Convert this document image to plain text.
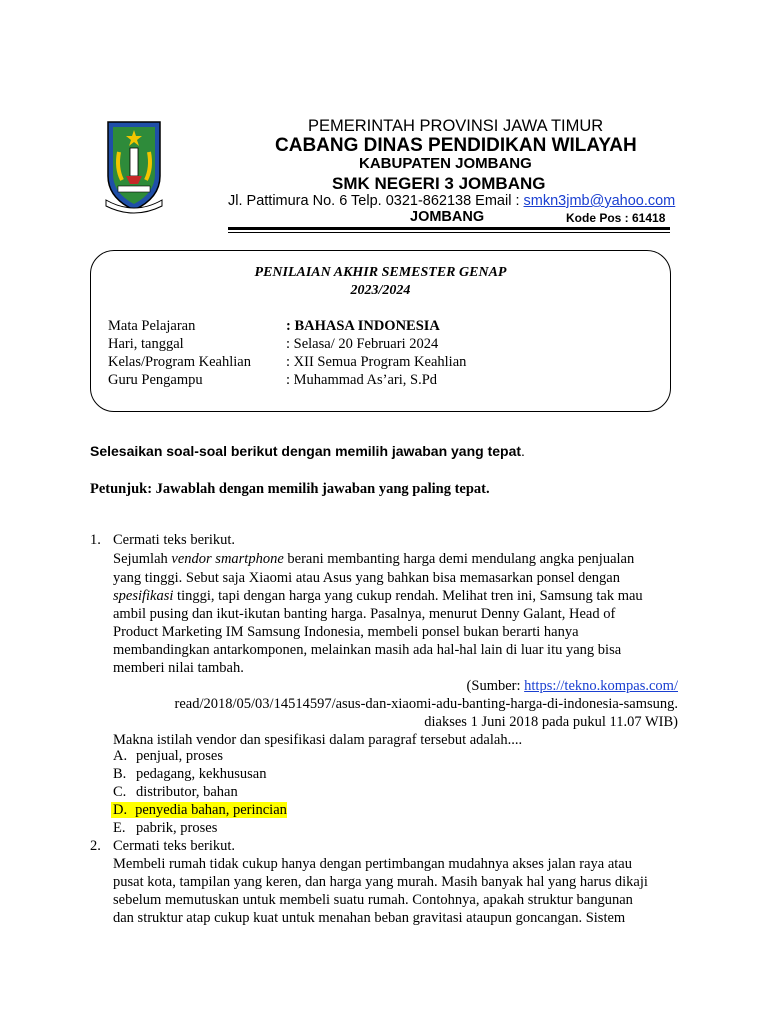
PEMERINTAH PROVINSI JAWA TIMUR
CABANG DINAS PENDIDIKAN WILAYAH
KABUPATEN JOMBANG
SMK NEGERI 3 JOMBANG
Jl. Pattimura No. 6 Telp. 0321-862138 Email : smkn3jmb@yahoo.com
JOMBANG	Kode Pos : 61418
PENILAIAN AKHIR SEMESTER GENAP
2023/2024
Mata Pelajaran	: BAHASA INDONESIA
Hari, tanggal	: Selasa/ 20 Februari 2024
Kelas/Program Keahlian : XII Semua Program Keahlian
Guru Pengampu	: Muhammad As’ari, S.Pd
Selesaikan soal-soal berikut dengan memilih jawaban yang tepat.
Petunjuk: Jawablah dengan memilih jawaban yang paling tepat.
1. Cermati teks berikut.
Sejumlah vendor smartphone berani membanting harga demi mendulang angka penjualan
yang tinggi. Sebut saja Xiaomi atau Asus yang bahkan bisa memasarkan ponsel dengan
spesifikasi tinggi, tapi dengan harga yang cukup rendah. Melihat tren ini, Samsung tak mau
ambil pusing dan ikut-ikutan banting harga. Pasalnya, menurut Denny Galant, Head of
Product Marketing IM Samsung Indonesia, membeli ponsel bukan berarti hanya
membandingkan antarkomponen, melainkan masih ada hal-hal lain di luar itu yang bisa
memberi nilai tambah.
(Sumber: https://tekno.kompas.com/
read/2018/05/03/14514597/asus-dan-xiaomi-adu-banting-harga-di-indonesia-samsung.
diakses 1 Juni 2018 pada pukul 11.07 WIB)
Makna istilah vendor dan spesifikasi dalam paragraf tersebut adalah....
A. penjual, proses
B. pedagang, kekhususan
C. distributor, bahan
D. penyedia bahan, perincian
E. pabrik, proses
2. Cermati teks berikut.
Membeli rumah tidak cukup hanya dengan pertimbangan mudahnya akses jalan raya atau
pusat kota, tampilan yang keren, dan harga yang murah. Masih banyak hal yang harus dikaji
sebelum memutuskan untuk membeli suatu rumah. Contohnya, apakah struktur bangunan
dan struktur atap cukup kuat untuk menahan beban gravitasi ataupun goncangan. Sistem
